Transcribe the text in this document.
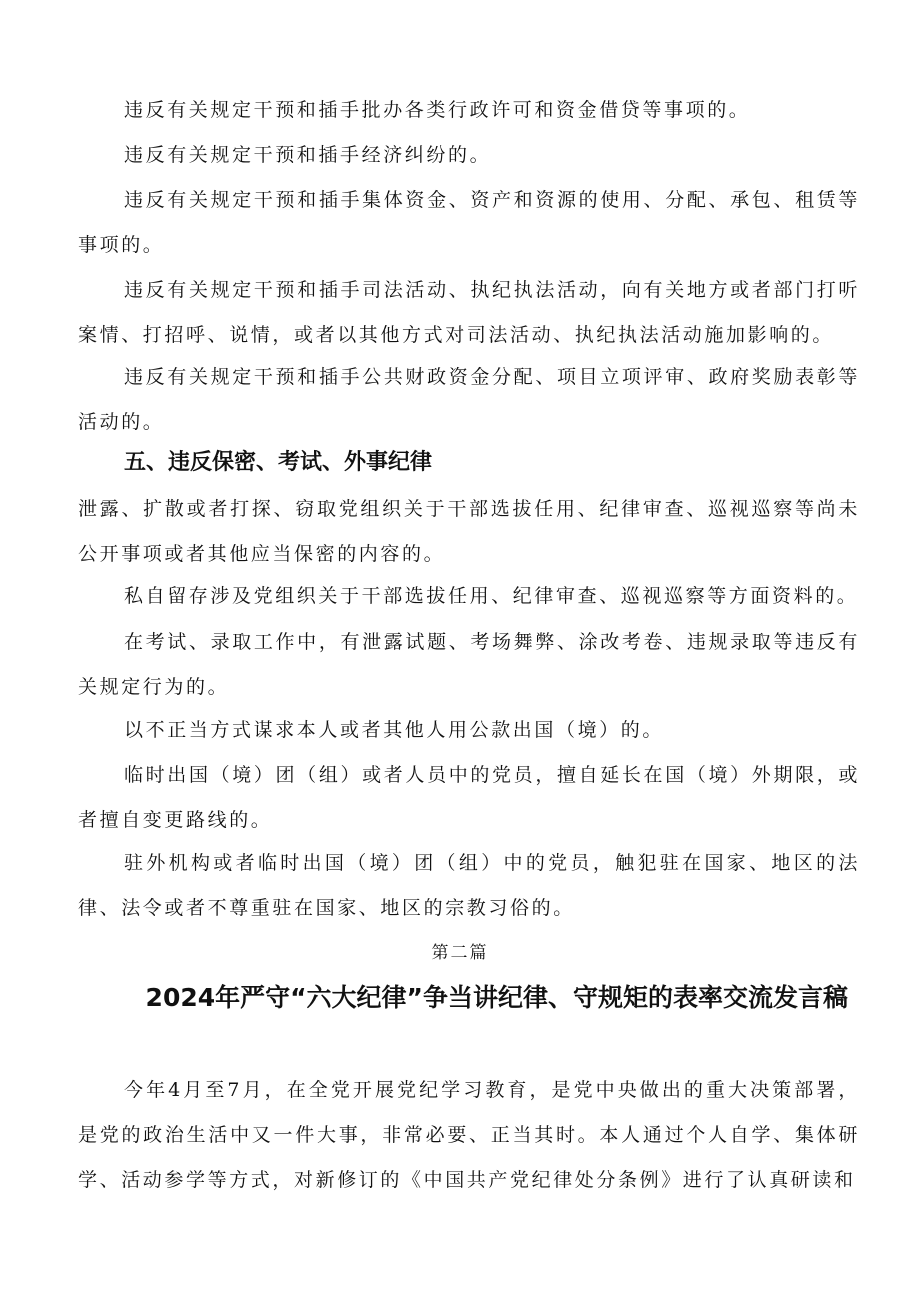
违反有关规定干预和插手批办各类行政许可和资金借贷等事项的。

违反有关规定干预和插手经济纠纷的。

违反有关规定干预和插手集体资金、资产和资源的使用、分配、承包、租赁等事项的。

违反有关规定干预和插手司法活动、执纪执法活动，向有关地方或者部门打听案情、打招呼、说情，或者以其他方式对司法活动、执纪执法活动施加影响的。

违反有关规定干预和插手公共财政资金分配、项目立项评审、政府奖励表彰等活动的。

五、违反保密、考试、外事纪律

泄露、扩散或者打探、窃取党组织关于干部选拔任用、纪律审查、巡视巡察等尚未公开事项或者其他应当保密的内容的。

私自留存涉及党组织关于干部选拔任用、纪律审查、巡视巡察等方面资料的。

在考试、录取工作中，有泄露试题、考场舞弊、涂改考卷、违规录取等违反有关规定行为的。

以不正当方式谋求本人或者其他人用公款出国（境）的。

临时出国（境）团（组）或者人员中的党员，擅自延长在国（境）外期限，或者擅自变更路线的。

驻外机构或者临时出国（境）团（组）中的党员，触犯驻在国家、地区的法律、法令或者不尊重驻在国家、地区的宗教习俗的。

第二篇

2024年严守“六大纪律”争当讲纪律、守规矩的表率交流发言稿

今年4月至7月，在全党开展党纪学习教育，是党中央做出的重大决策部署，是党的政治生活中又一件大事，非常必要、正当其时。本人通过个人自学、集体研学、活动参学等方式，对新修订的《中国共产党纪律处分条例》进行了认真研读和
